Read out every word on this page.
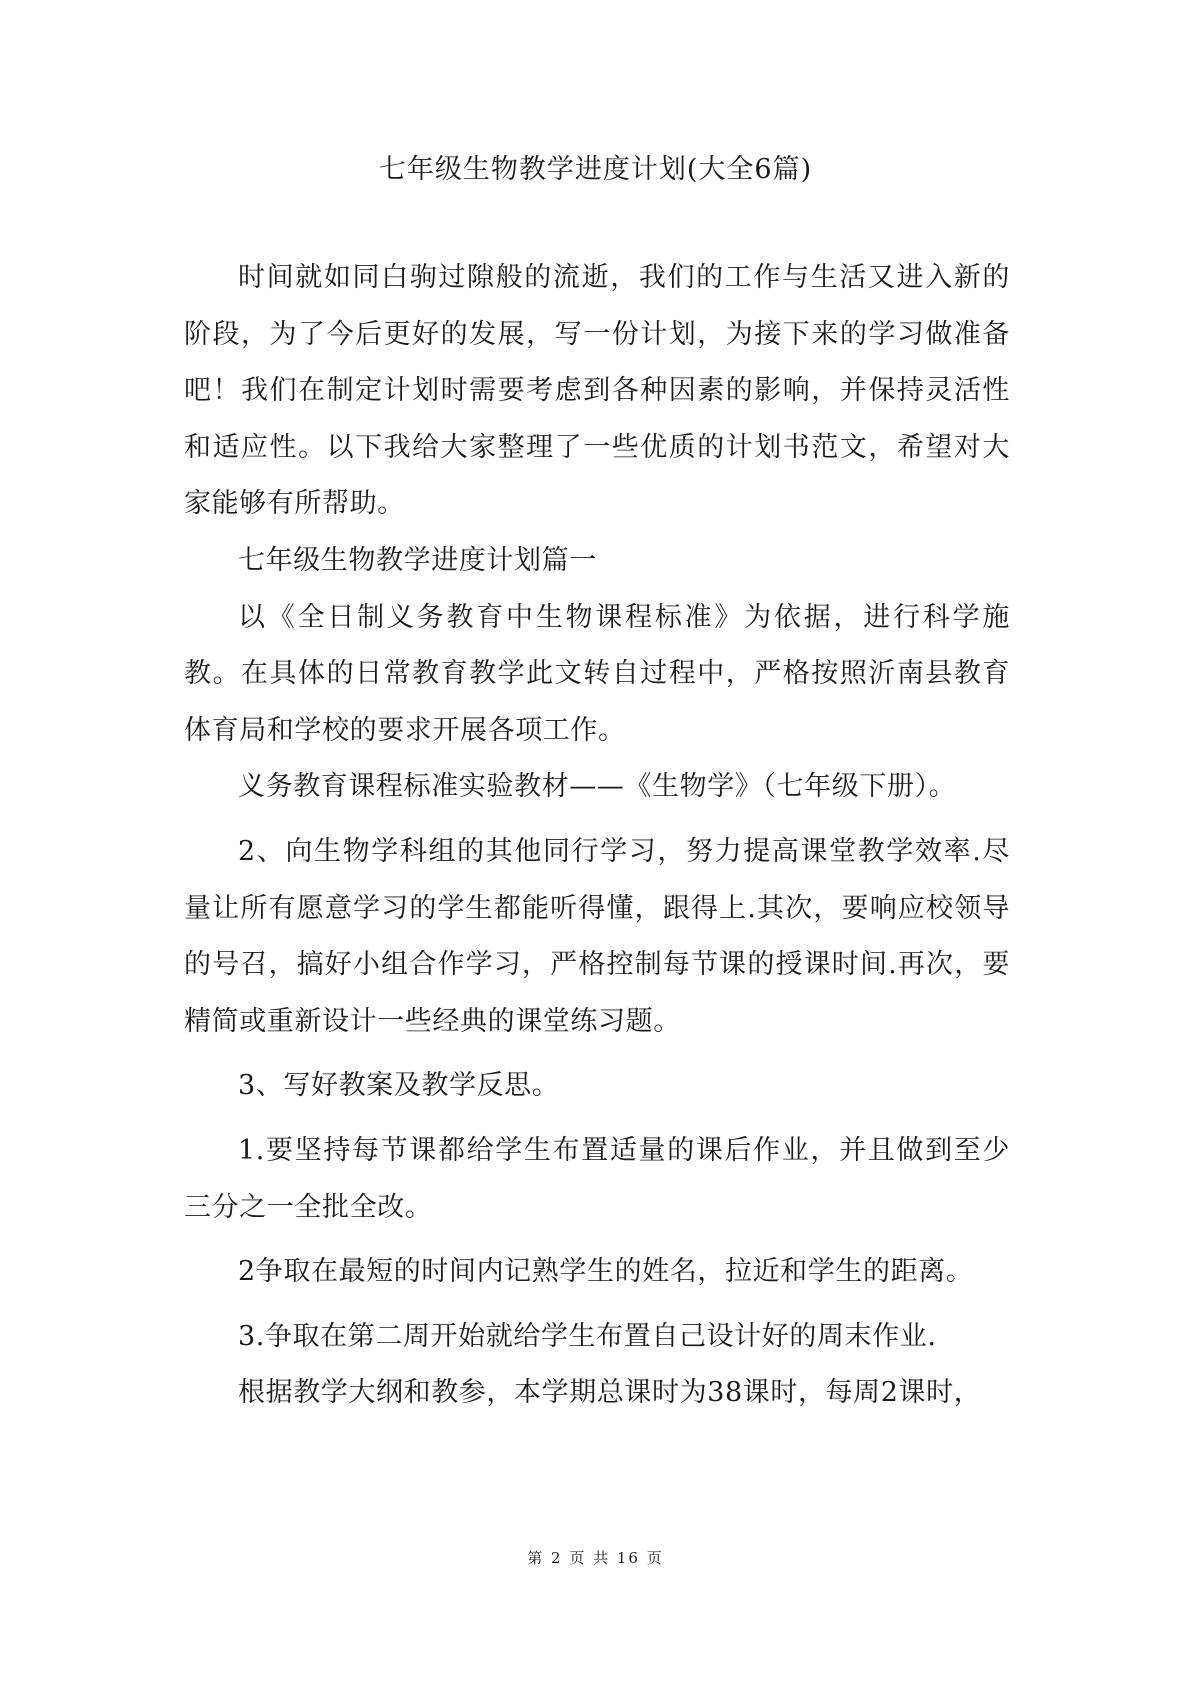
七年级生物教学进度计划(大全6篇)

时间就如同白驹过隙般的流逝，我们的工作与生活又进入新的阶段，为了今后更好的发展，写一份计划，为接下来的学习做准备吧！我们在制定计划时需要考虑到各种因素的影响，并保持灵活性和适应性。以下我给大家整理了一些优质的计划书范文，希望对大家能够有所帮助。

七年级生物教学进度计划篇一

以《全日制义务教育中生物课程标准》为依据，进行科学施教。在具体的日常教育教学此文转自过程中，严格按照沂南县教育体育局和学校的要求开展各项工作。

义务教育课程标准实验教材——《生物学》（七年级下册）。

2、向生物学科组的其他同行学习，努力提高课堂教学效率.尽量让所有愿意学习的学生都能听得懂，跟得上.其次，要响应校领导的号召，搞好小组合作学习，严格控制每节课的授课时间.再次，要精简或重新设计一些经典的课堂练习题。

3、写好教案及教学反思。

1.要坚持每节课都给学生布置适量的课后作业，并且做到至少三分之一全批全改。

2争取在最短的时间内记熟学生的姓名，拉近和学生的距离。

3.争取在第二周开始就给学生布置自己设计好的周末作业.

根据教学大纲和教参，本学期总课时为38课时，每周2课时，

第 2 页 共 16 页
